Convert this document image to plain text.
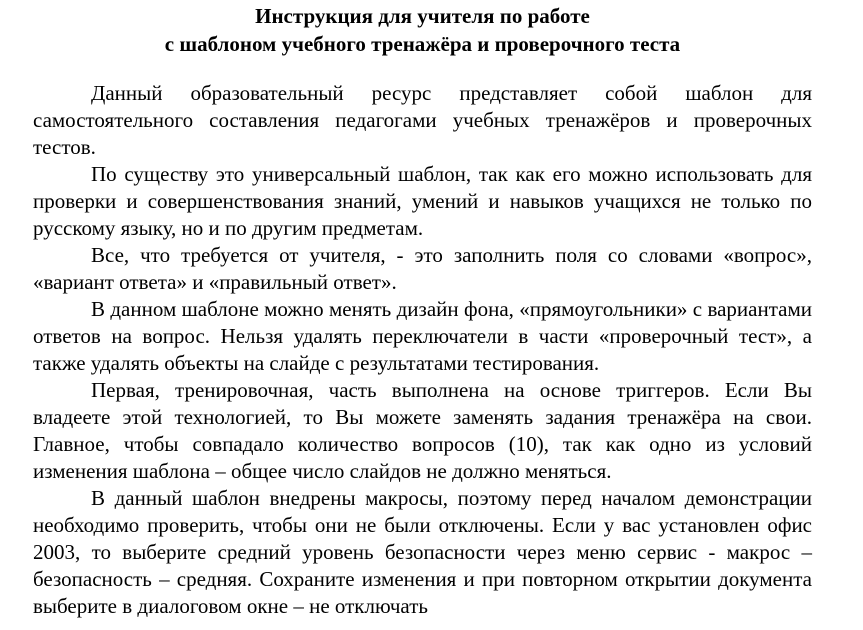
Инструкция для учителя по работе
с шаблоном учебного тренажёра и проверочного теста

Данный образовательный ресурс представляет собой шаблон для самостоятельного составления педагогами учебных тренажёров и проверочных тестов.

По существу это универсальный шаблон, так как его можно использовать для проверки и совершенствования знаний, умений и навыков учащихся не только по русскому языку, но и по другим предметам.

Все, что требуется от учителя, - это заполнить поля со словами «вопрос», «вариант ответа» и «правильный ответ».

В данном шаблоне можно менять дизайн фона, «прямоугольники» с вариантами ответов на вопрос. Нельзя удалять переключатели в части «проверочный тест», а также удалять объекты на слайде с результатами тестирования.

Первая, тренировочная, часть выполнена на основе триггеров. Если Вы владеете этой технологией, то Вы можете заменять задания тренажёра на свои. Главное, чтобы совпадало количество вопросов (10), так как одно из условий изменения шаблона – общее число слайдов не должно меняться.

В данный шаблон внедрены макросы, поэтому перед началом демонстрации необходимо проверить, чтобы они не были отключены. Если у вас установлен офис 2003, то выберите средний уровень безопасности через меню сервис - макрос – безопасность – средняя. Сохраните изменения и при повторном открытии документа выберите в диалоговом окне – не отключать
